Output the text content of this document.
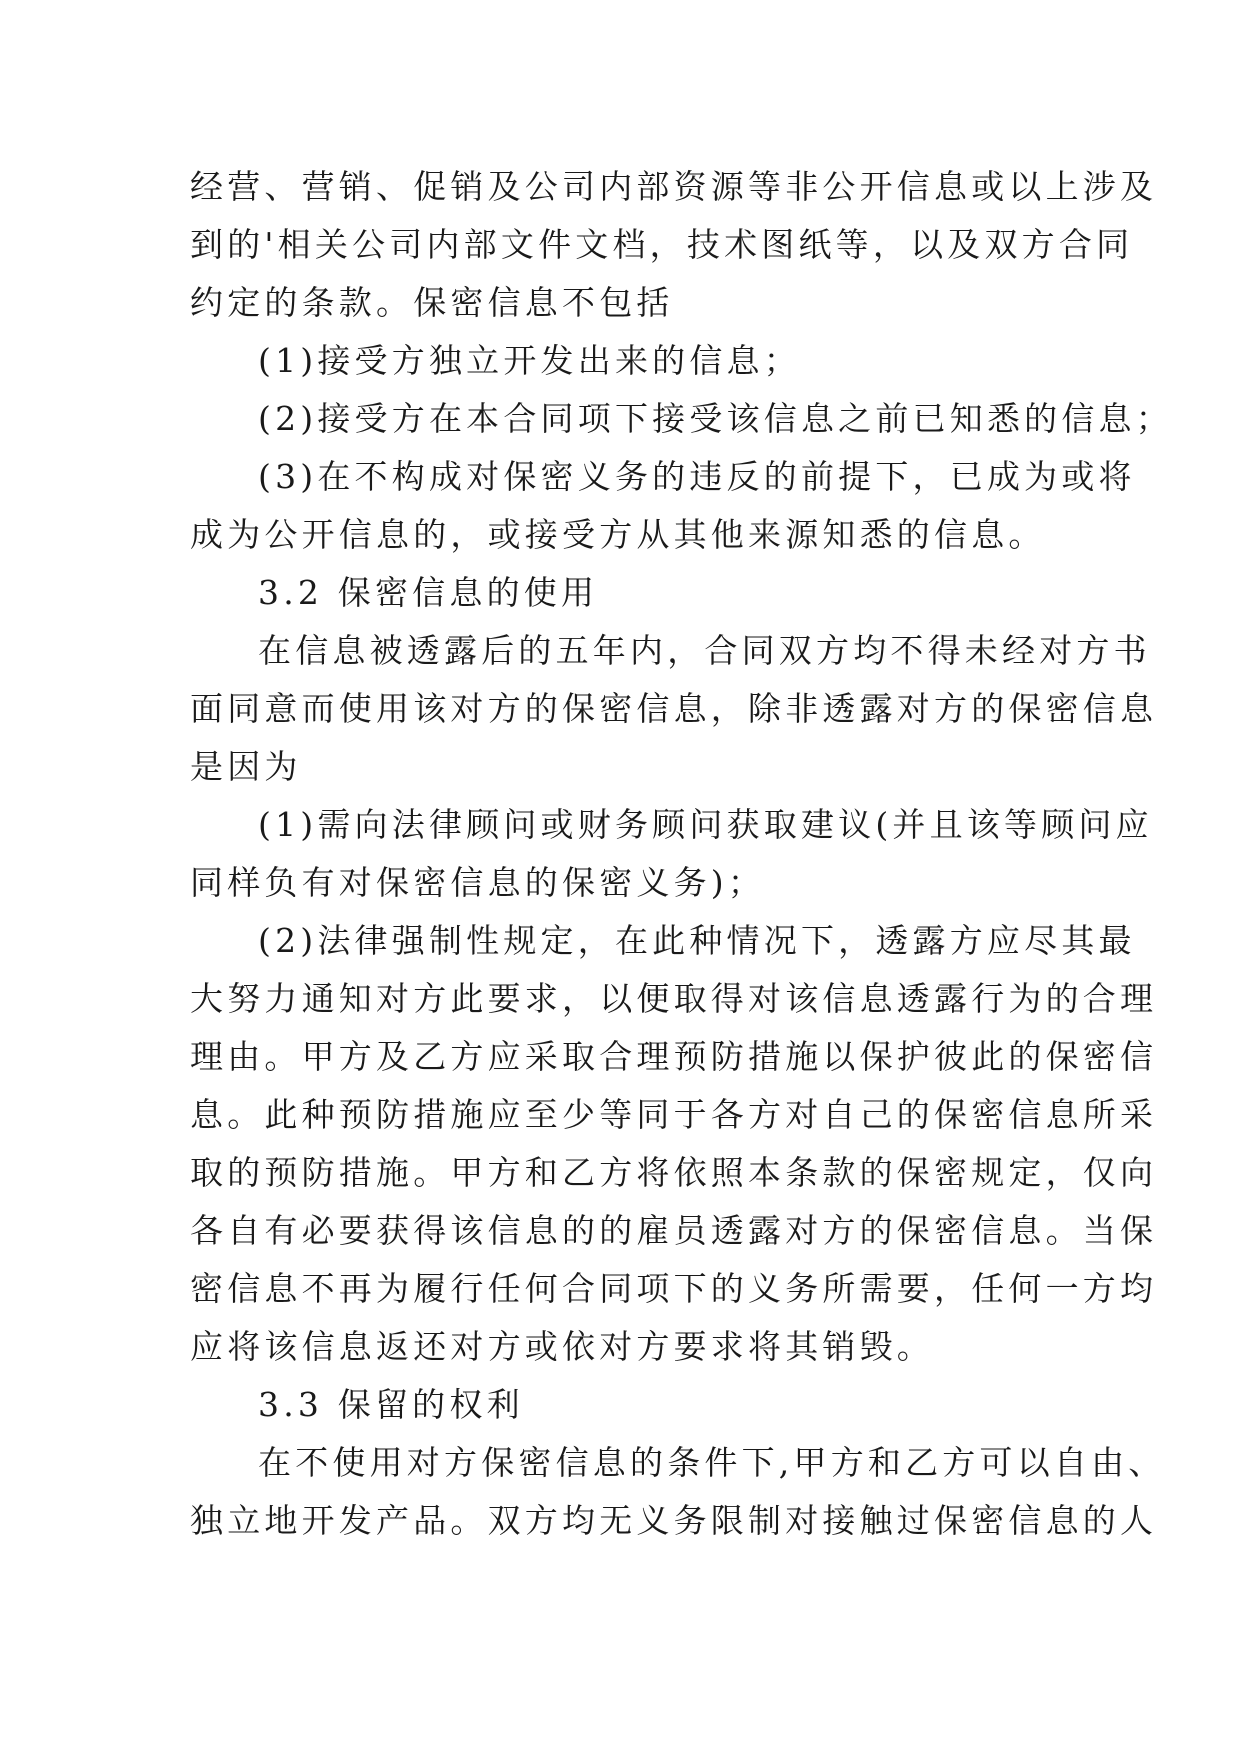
经营、营销、促销及公司内部资源等非公开信息或以上涉及
到的'相关公司内部文件文档，技术图纸等，以及双方合同
约定的条款。保密信息不包括
(1)接受方独立开发出来的信息；
(2)接受方在本合同项下接受该信息之前已知悉的信息；
(3)在不构成对保密义务的违反的前提下，已成为或将
成为公开信息的，或接受方从其他来源知悉的信息。
3.2 保密信息的使用
在信息被透露后的五年内，合同双方均不得未经对方书
面同意而使用该对方的保密信息，除非透露对方的保密信息
是因为
(1)需向法律顾问或财务顾问获取建议(并且该等顾问应
同样负有对保密信息的保密义务)；
(2)法律强制性规定，在此种情况下，透露方应尽其最
大努力通知对方此要求，以便取得对该信息透露行为的合理
理由。甲方及乙方应采取合理预防措施以保护彼此的保密信
息。此种预防措施应至少等同于各方对自己的保密信息所采
取的预防措施。甲方和乙方将依照本条款的保密规定，仅向
各自有必要获得该信息的的雇员透露对方的保密信息。当保
密信息不再为履行任何合同项下的义务所需要，任何一方均
应将该信息返还对方或依对方要求将其销毁。
3.3 保留的权利
在不使用对方保密信息的条件下,甲方和乙方可以自由、
独立地开发产品。双方均无义务限制对接触过保密信息的人
